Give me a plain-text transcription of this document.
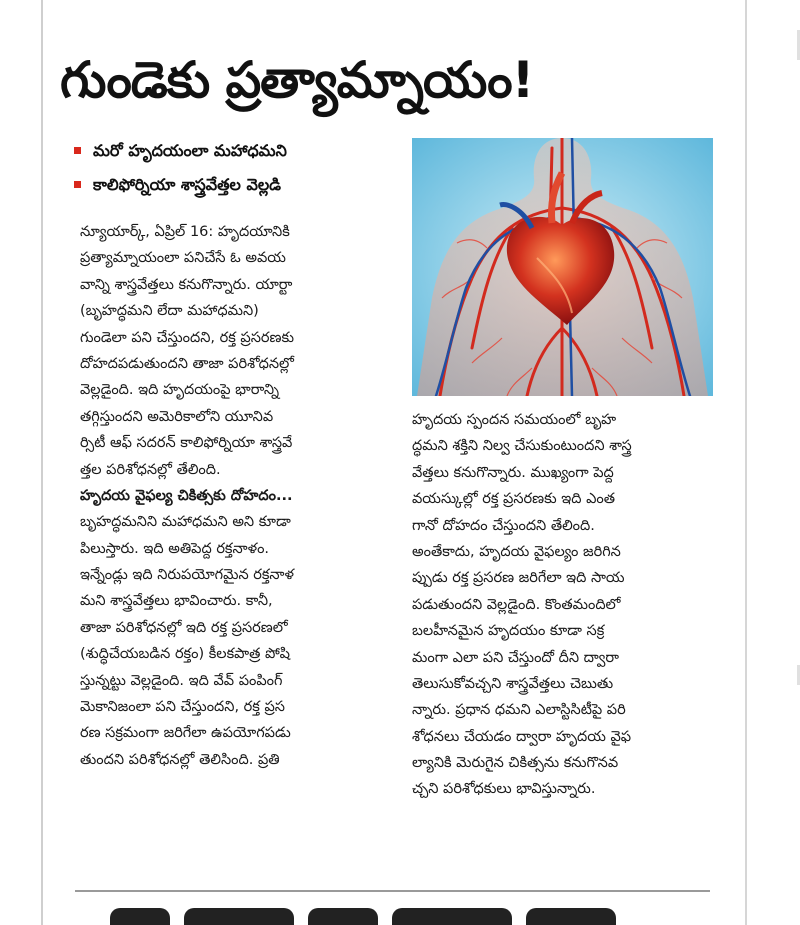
గుండెకు ప్రత్యామ్నాయం!
మరో హృదయంలా మహాధమని
కాలిఫోర్నియా శాస్త్రవేత్తల వెల్లడి
న్యూయార్క్‌, ఏప్రిల్‌ 16: హృదయానికి
ప్రత్యామ్నాయంలా పనిచేసే ఓ అవయ
వాన్ని శాస్త్రవేత్తలు కనుగొన్నారు. యార్టా
(బృహద్ధమని లేదా మహాధమని)
గుండెలా పని చేస్తుందని, రక్త ప్రసరణకు
దోహదపడుతుందని తాజా పరిశోధనల్లో
వెల్లడైంది. ఇది హృదయంపై భారాన్ని
తగ్గిస్తుందని అమెరికాలోని యూనివ
ర్సిటీ ఆఫ్‌ సదరన్‌ కాలిఫోర్నియా శాస్త్రవే
త్తల పరిశోధనల్లో తేలింది.
హృదయ వైఫల్య చికిత్సకు దోహదం...
బృహద్ధమనిని మహాధమని అని కూడా
పిలుస్తారు. ఇది అతిపెద్ద రక్తనాళం.
ఇన్నేండ్లు ఇది నిరుపయోగమైన రక్తనాళ
మని శాస్త్రవేత్తలు భావించారు. కానీ,
తాజా పరిశోధనల్లో ఇది రక్త ప్రసరణలో
(శుద్ధిచేయబడిన రక్తం) కీలకపాత్ర పోషి
స్తున్నట్టు వెల్లడైంది. ఇది వేవ్‌ పంపింగ్‌
మెకానిజంలా పని చేస్తుందని, రక్త ప్రస
రణ సక్రమంగా జరిగేలా ఉపయోగపడు
తుందని పరిశోధనల్లో తెలిసింది. ప్రతి
హృదయ స్పందన సమయంలో బృహ
ద్ధమని శక్తిని నిల్వ చేసుకుంటుందని శాస్త్ర
వేత్తలు కనుగొన్నారు. ముఖ్యంగా పెద్ద
వయస్కుల్లో రక్త ప్రసరణకు ఇది ఎంత
గానో దోహదం చేస్తుందని తేలింది.
అంతేకాదు, హృదయ వైఫల్యం జరిగిన
ప్పుడు రక్త ప్రసరణ జరిగేలా ఇది సాయ
పడుతుందని వెల్లడైంది. కొంతమందిలో
బలహీనమైన హృదయం కూడా సక్ర
మంగా ఎలా పని చేస్తుందో దీని ద్వారా
తెలుసుకోవచ్చని శాస్త్రవేత్తలు చెబుతు
న్నారు. ప్రధాన ధమని ఎలాస్టిసిటీపై పరి
శోధనలు చేయడం ద్వారా హృదయ వైఫ
ల్యానికి మెరుగైన చికిత్సను కనుగొనవ
చ్చని పరిశోధకులు భావిస్తున్నారు.
